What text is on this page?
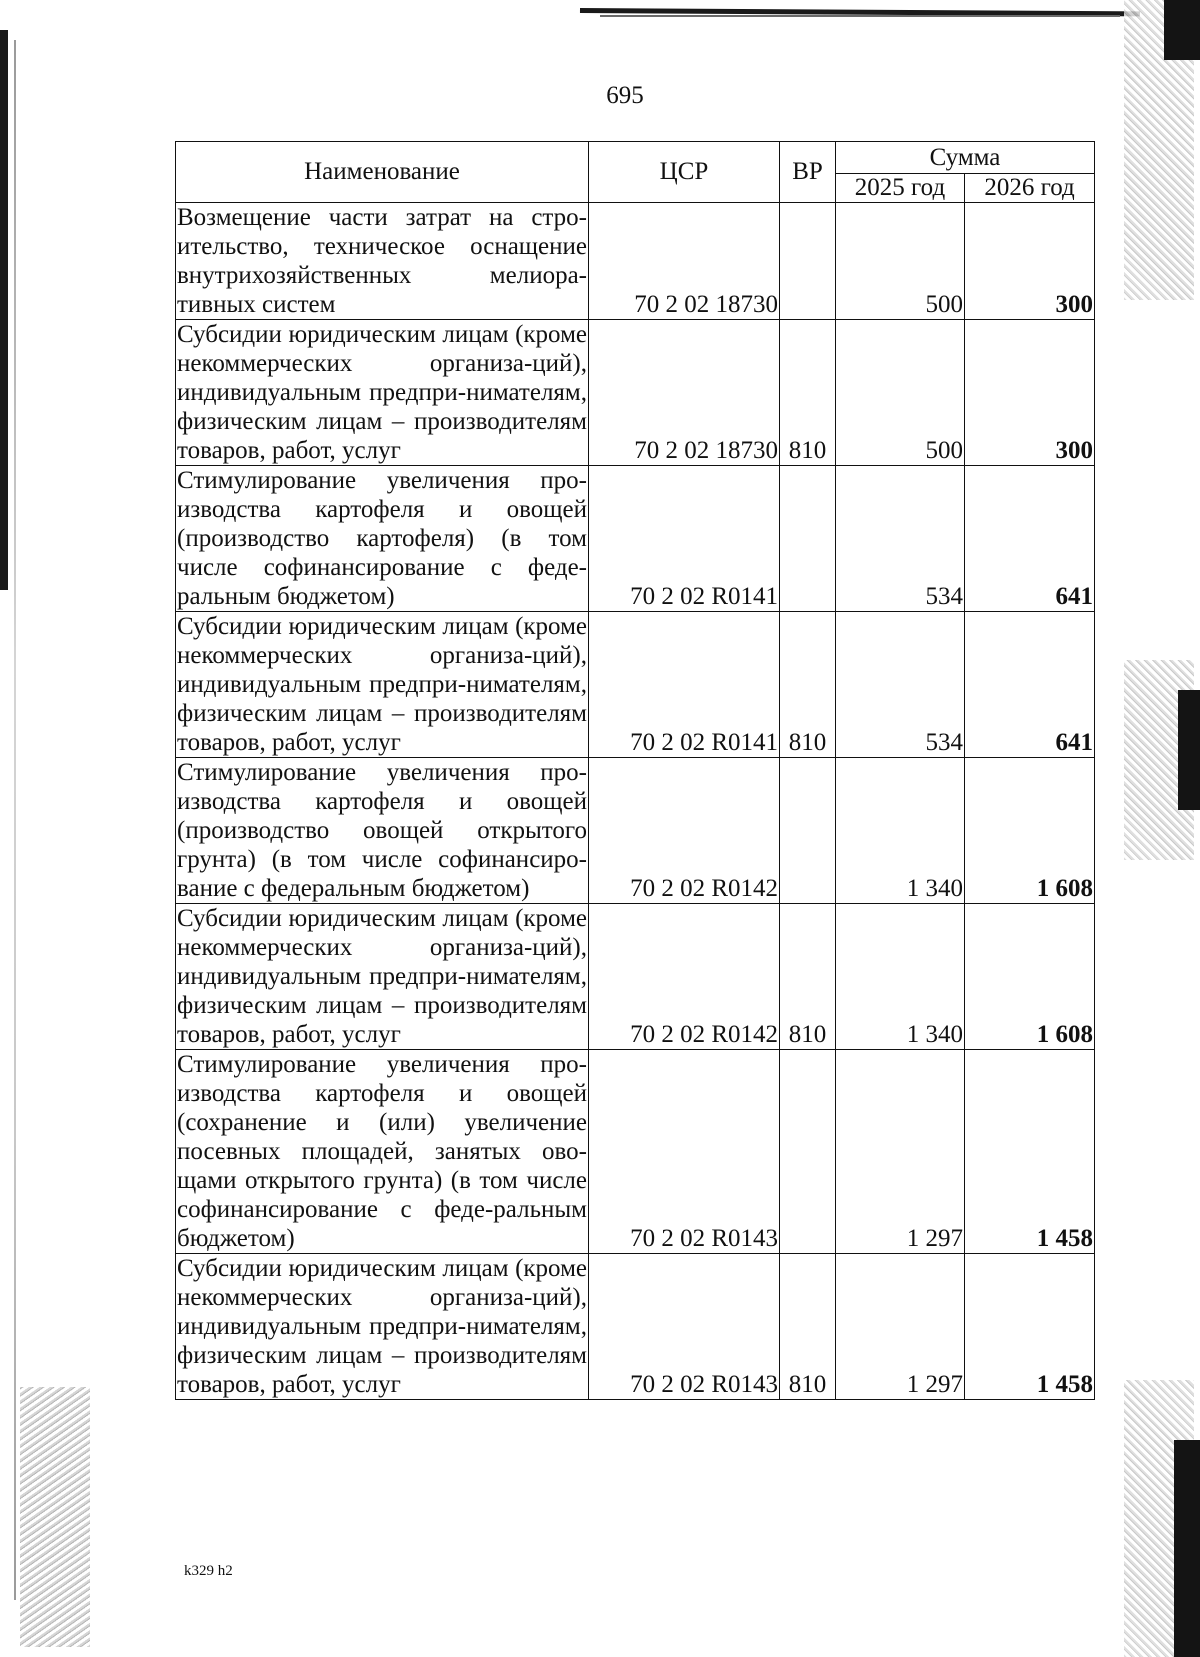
695
Наименование	ЦСР	ВР	Сумма	
			2025 год	2026 год
Возмещение части затрат на стро-ительство, техническое оснащение внутрихозяйственных мелиора-тивных систем	70 2 02 18730		500	300
Субсидии юридическим лицам (кроме некоммерческих организа-ций), индивидуальным предпри-нимателям, физическим лицам – производителям товаров, работ, услуг	70 2 02 18730	810	500	300
Стимулирование увеличения про-изводства картофеля и овощей (производство картофеля) (в том числе софинансирование с феде-ральным бюджетом)	70 2 02 R0141		534	641
Субсидии юридическим лицам (кроме некоммерческих организа-ций), индивидуальным предпри-нимателям, физическим лицам – производителям товаров, работ, услуг	70 2 02 R0141	810	534	641
Стимулирование увеличения про-изводства картофеля и овощей (производство овощей открытого грунта) (в том числе софинансиро-вание с федеральным бюджетом)	70 2 02 R0142		1 340	1 608
Субсидии юридическим лицам (кроме некоммерческих организа-ций), индивидуальным предпри-нимателям, физическим лицам – производителям товаров, работ, услуг	70 2 02 R0142	810	1 340	1 608
Стимулирование увеличения про-изводства картофеля и овощей (сохранение и (или) увеличение посевных площадей, занятых ово-щами открытого грунта) (в том числе софинансирование с феде-ральным бюджетом)	70 2 02 R0143		1 297	1 458
Субсидии юридическим лицам (кроме некоммерческих организа-ций), индивидуальным предпри-нимателям, физическим лицам – производителям товаров, работ, услуг	70 2 02 R0143	810	1 297	1 458
k329 h2
